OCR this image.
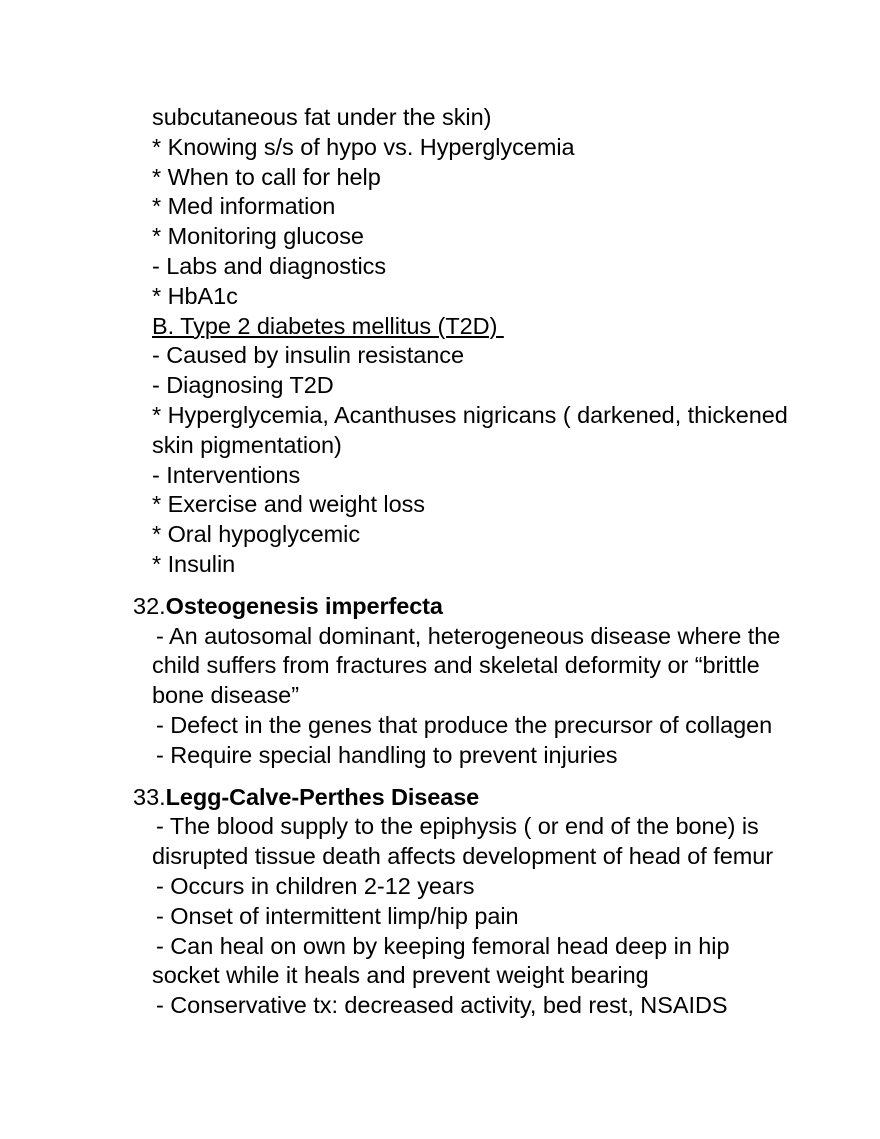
subcutaneous fat under the skin)
* Knowing s/s of hypo vs. Hyperglycemia
* When to call for help
* Med information
* Monitoring glucose
- Labs and diagnostics
* HbA1c
B. Type 2 diabetes mellitus (T2D)
- Caused by insulin resistance
- Diagnosing T2D
* Hyperglycemia, Acanthuses nigricans ( darkened, thickened skin pigmentation)
- Interventions
* Exercise and weight loss
* Oral hypoglycemic
* Insulin
32. Osteogenesis imperfecta
- An autosomal dominant, heterogeneous disease where the child suffers from fractures and skeletal deformity or “brittle bone disease”
- Defect in the genes that produce the precursor of collagen
- Require special handling to prevent injuries
33. Legg-Calve-Perthes Disease
- The blood supply to the epiphysis ( or end of the bone) is disrupted tissue death affects development of head of femur
- Occurs in children 2-12 years
- Onset of intermittent limp/hip pain
- Can heal on own by keeping femoral head deep in hip socket while it heals and prevent weight bearing
- Conservative tx: decreased activity, bed rest, NSAIDS
